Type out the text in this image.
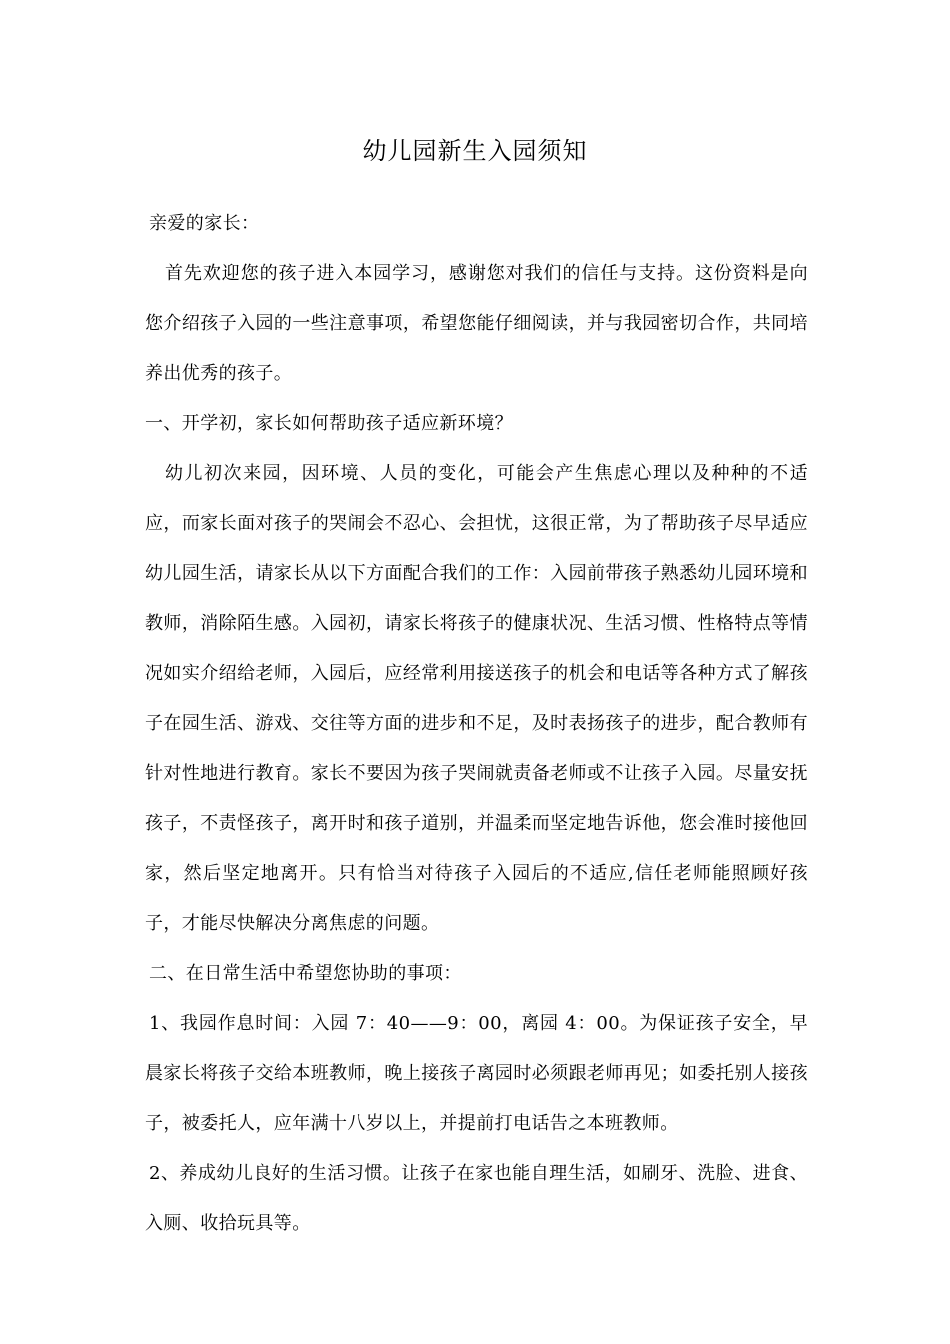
幼儿园新生入园须知

亲爱的家长：

首先欢迎您的孩子进入本园学习，感谢您对我们的信任与支持。这份资料是向您介绍孩子入园的一些注意事项，希望您能仔细阅读，并与我园密切合作，共同培养出优秀的孩子。

一、开学初，家长如何帮助孩子适应新环境？

幼儿初次来园，因环境、人员的变化，可能会产生焦虑心理以及种种的不适应，而家长面对孩子的哭闹会不忍心、会担忧，这很正常，为了帮助孩子尽早适应幼儿园生活，请家长从以下方面配合我们的工作：入园前带孩子熟悉幼儿园环境和教师，消除陌生感。入园初，请家长将孩子的健康状况、生活习惯、性格特点等情况如实介绍给老师，入园后，应经常利用接送孩子的机会和电话等各种方式了解孩子在园生活、游戏、交往等方面的进步和不足，及时表扬孩子的进步，配合教师有针对性地进行教育。家长不要因为孩子哭闹就责备老师或不让孩子入园。尽量安抚孩子，不责怪孩子，离开时和孩子道别，并温柔而坚定地告诉他，您会准时接他回家，然后坚定地离开。只有恰当对待孩子入园后的不适应,信任老师能照顾好孩子，才能尽快解决分离焦虑的问题。

二、在日常生活中希望您协助的事项：

1、我园作息时间：入园 7：40——9：00，离园 4：00。为保证孩子安全，早晨家长将孩子交给本班教师，晚上接孩子离园时必须跟老师再见；如委托别人接孩子，被委托人，应年满十八岁以上，并提前打电话告之本班教师。

2、养成幼儿良好的生活习惯。让孩子在家也能自理生活，如刷牙、洗脸、进食、入厕、收拾玩具等。
